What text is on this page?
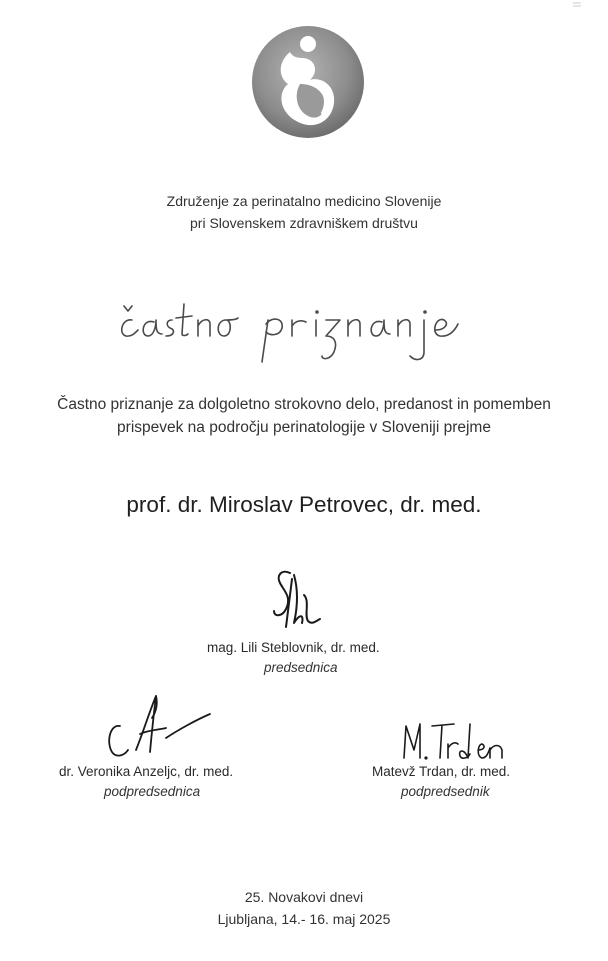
Združenje za perinatalno medicino Slovenije
pri Slovenskem zdravniškem društvu
Častno priznanje za dolgoletno strokovno delo, predanost in pomemben
prispevek na področju perinatologije v Sloveniji prejme
prof. dr. Miroslav Petrovec, dr. med.
mag. Lili Steblovnik, dr. med.
predsednica
dr. Veronika Anzeljc, dr. med.
podpredsednica
Matevž Trdan, dr. med.
podpredsednik
25. Novakovi dnevi
Ljubljana, 14.- 16. maj 2025
